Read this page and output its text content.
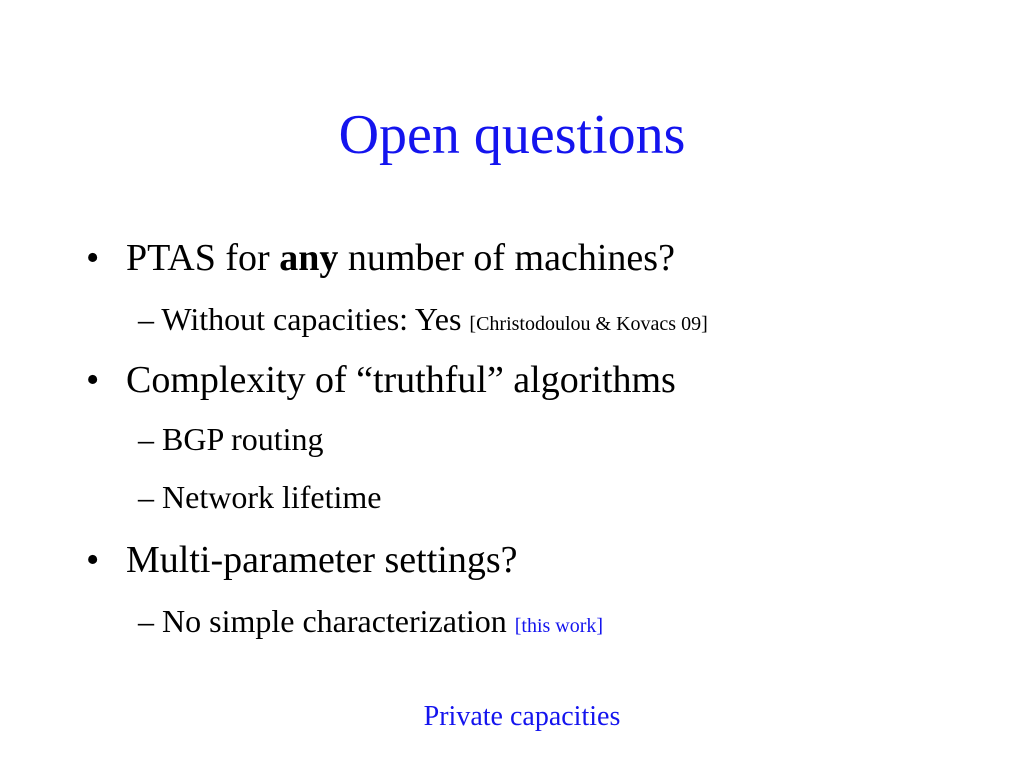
Open questions
• PTAS for any number of machines?
– Without capacities: Yes [Christodoulou & Kovacs 09]
• Complexity of “truthful” algorithms
– BGP routing
– Network lifetime
• Multi-parameter settings?
– No simple characterization [this work]
Private capacities
